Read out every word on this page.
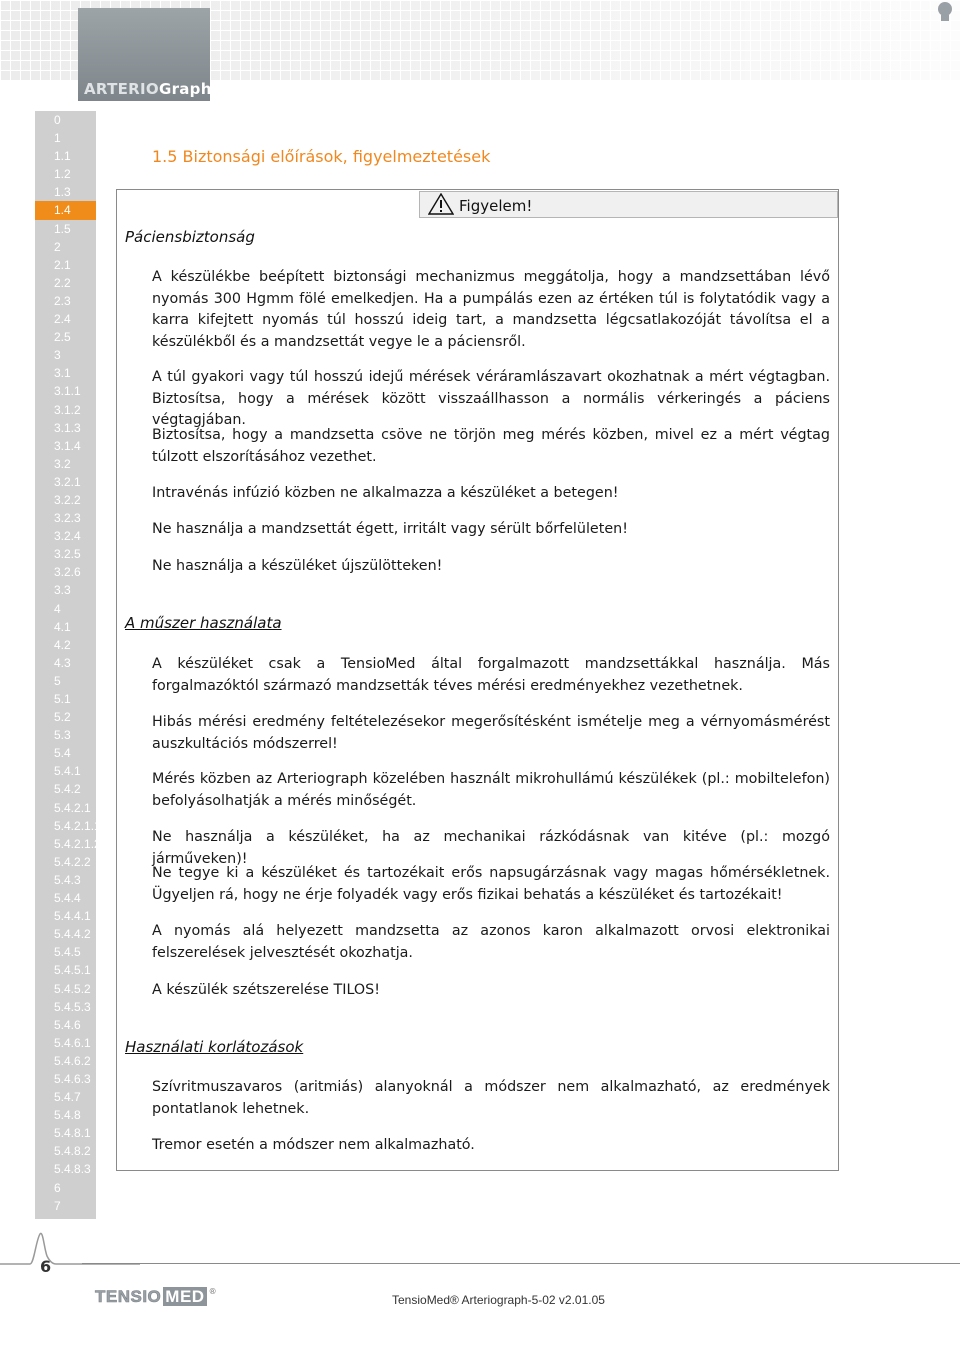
ARTERIOGraph
0
1
1.1
1.2
1.3
1.4
1.5
2
2.1
2.2
2.3
2.4
2.5
3
3.1
3.1.1
3.1.2
3.1.3
3.1.4
3.2
3.2.1
3.2.2
3.2.3
3.2.4
3.2.5
3.2.6
3.3
4
4.1
4.2
4.3
5
5.1
5.2
5.3
5.4
5.4.1
5.4.2
5.4.2.1
5.4.2.1.1
5.4.2.1.2
5.4.2.2
5.4.3
5.4.4
5.4.4.1
5.4.4.2
5.4.5
5.4.5.1
5.4.5.2
5.4.5.3
5.4.6
5.4.6.1
5.4.6.2
5.4.6.3
5.4.7
5.4.8
5.4.8.1
5.4.8.2
5.4.8.3
6
7
7.1
1.5 Biztonsági előírások, figyelmeztetések
Figyelem!
Páciensbiztonság
A készülékbe beépített biztonsági mechanizmus meggátolja, hogy a mandzsettában lévő nyomás 300 Hgmm fölé emelkedjen. Ha a pumpálás ezen az értéken túl is folytatódik vagy a karra kifejtett nyomás túl hosszú ideig tart, a mandzsetta légcsatlakozóját távolítsa el a készülékből és a mandzsettát vegye le a páciensről.
A túl gyakori vagy túl hosszú idejű mérések véráramlászavart okozhatnak a mért végtagban. Biztosítsa, hogy a mérések között visszaállhasson a normális vérkeringés a páciens végtagjában.
Biztosítsa, hogy a mandzsetta csöve ne törjön meg mérés közben, mivel ez a mért végtag túlzott elszorításához vezethet.
Intravénás infúzió közben ne alkalmazza a készüléket a betegen!
Ne használja a mandzsettát égett, irritált vagy sérült bőrfelületen!
Ne használja a készüléket újszülötteken!
A műszer használata
A készüléket csak a TensioMed által forgalmazott mandzsettákkal használja. Más forgalmazóktól származó mandzsetták téves mérési eredményekhez vezethetnek.
Hibás mérési eredmény feltételezésekor megerősítésként ismételje meg a vérnyomásmérést auszkultációs módszerrel!
Mérés közben az Arteriograph közelében használt mikrohullámú készülékek (pl.: mobiltelefon) befolyásolhatják a mérés minőségét.
Ne használja a készüléket, ha az mechanikai rázkódásnak van kitéve (pl.: mozgó járműveken)!
Ne tegye ki a készüléket és tartozékait erős napsugárzásnak vagy magas hőmérsékletnek. Ügyeljen rá, hogy ne érje folyadék vagy erős fizikai behatás a készüléket és tartozékait!
A nyomás alá helyezett mandzsetta az azonos karon alkalmazott orvosi elektronikai felszerelések jelvesztését okozhatja.
A készülék szétszerelése TILOS!
Használati korlátozások
Szívritmuszavaros (aritmiás) alanyoknál a módszer nem alkalmazható, az eredmények pontatlanok lehetnek.
Tremor esetén a módszer nem alkalmazható.
6
TENSIO MED ®
TensioMed® Arteriograph-5-02 v2.01.05
